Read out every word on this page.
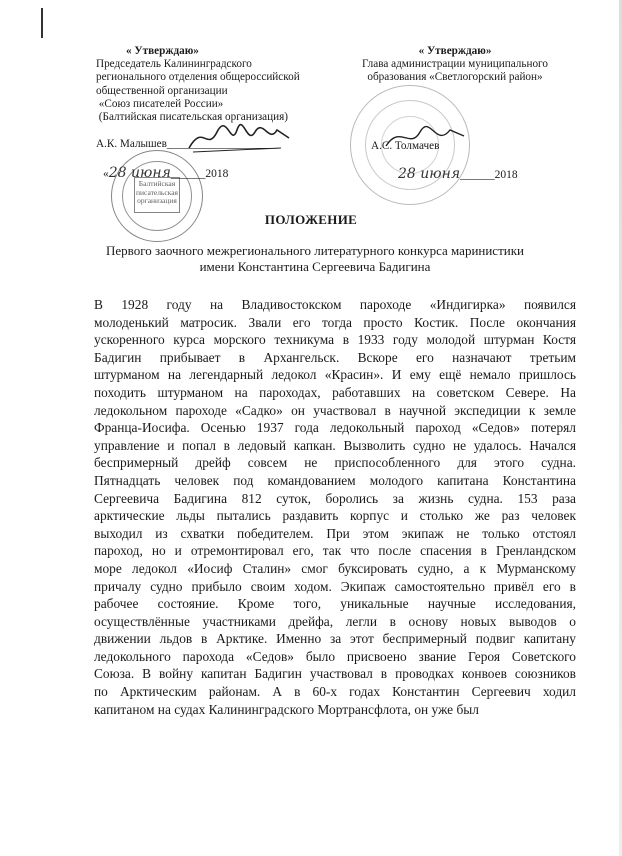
« Утверждаю»
Председатель Калининградского
регионального отделения общероссийской
общественной организации
«Союз писателей России»
(Балтийская писательская организация)
« Утверждаю»
Глава администрации муниципального
образования «Светлогорский район»
А.К. Малышев____________________	А.С. Толмачев
Балтийская
писательская
организация
«28 июня______2018	28 июня______2018
ПОЛОЖЕНИЕ
Первого заочного межрегионального литературного конкурса маринистики
имени Константина Сергеевича Бадигина
В 1928 году на Владивостокском пароходе «Индигирка» появился
молоденький матросик. Звали его тогда просто Костик. После окончания
ускоренного курса морского техникума в 1933 году молодой штурман Костя
Бадигин прибывает в Архангельск. Вскоре его назначают третьим
штурманом на легендарный ледокол «Красин». И ему ещё немало пришлось
походить штурманом на пароходах, работавших на советском Севере. На
ледокольном пароходе «Садко» он участвовал в научной экспедиции к земле
Франца-Иосифа. Осенью 1937 года ледокольный пароход «Седов» потерял
управление и попал в ледовый капкан. Вызволить судно не удалось. Начался
беспримерный дрейф совсем не приспособленного для этого судна.
Пятнадцать человек под командованием молодого капитана Константина
Сергеевича Бадигина 812 суток, боролись за жизнь судна. 153 раза
арктические льды пытались раздавить корпус и столько же раз человек
выходил из схватки победителем. При этом экипаж не только отстоял
пароход, но и отремонтировал его, так что после спасения в Гренландском
море ледокол «Иосиф Сталин» смог буксировать судно, а к Мурманскому
причалу судно прибыло своим ходом. Экипаж самостоятельно привёл его в
рабочее состояние. Кроме того, уникальные научные исследования,
осуществлённые участниками дрейфа, легли в основу новых выводов о
движении льдов в Арктике. Именно за этот беспримерный подвиг капитану
ледокольного парохода «Седов» было присвоено звание Героя Советского
Союза. В войну капитан Бадигин участвовал в проводках конвоев союзников
по Арктическим районам. А в 60-х годах Константин Сергеевич ходил
капитаном на судах Калининградского Мортрансфлота, он уже был
